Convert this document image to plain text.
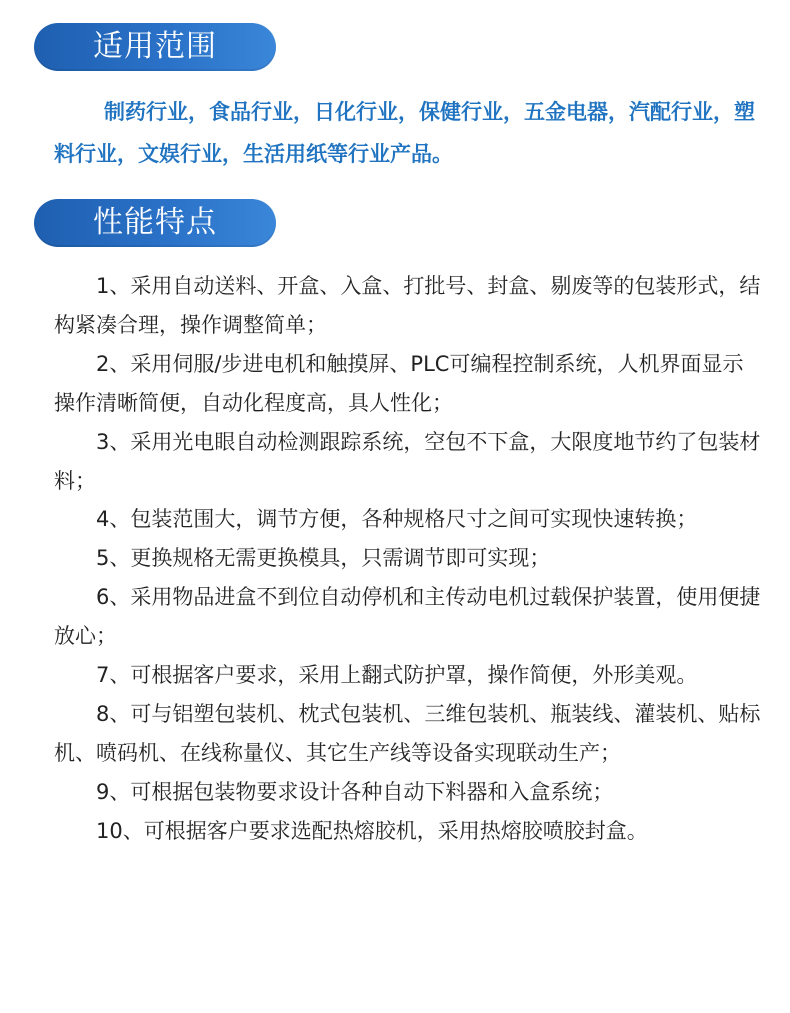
适用范围

制药行业，食品行业，日化行业，保健行业，五金电器，汽配行业，塑料行业，文娱行业，生活用纸等行业产品。

性能特点
1、采用自动送料、开盒、入盒、打批号、封盒、剔废等的包装形式，结构紧凑合理，操作调整简单；
2、采用伺服/步进电机和触摸屏、PLC可编程控制系统，人机界面显示操作清晰简便，自动化程度高，具人性化；
3、采用光电眼自动检测跟踪系统，空包不下盒，大限度地节约了包装材料；
4、包装范围大，调节方便，各种规格尺寸之间可实现快速转换；
5、更换规格无需更换模具，只需调节即可实现；
6、采用物品进盒不到位自动停机和主传动电机过载保护装置，使用便捷放心；
7、可根据客户要求，采用上翻式防护罩，操作简便，外形美观。
8、可与铝塑包装机、枕式包装机、三维包装机、瓶装线、灌装机、贴标机、喷码机、在线称量仪、其它生产线等设备实现联动生产；
9、可根据包装物要求设计各种自动下料器和入盒系统；
10、可根据客户要求选配热熔胶机，采用热熔胶喷胶封盒。
